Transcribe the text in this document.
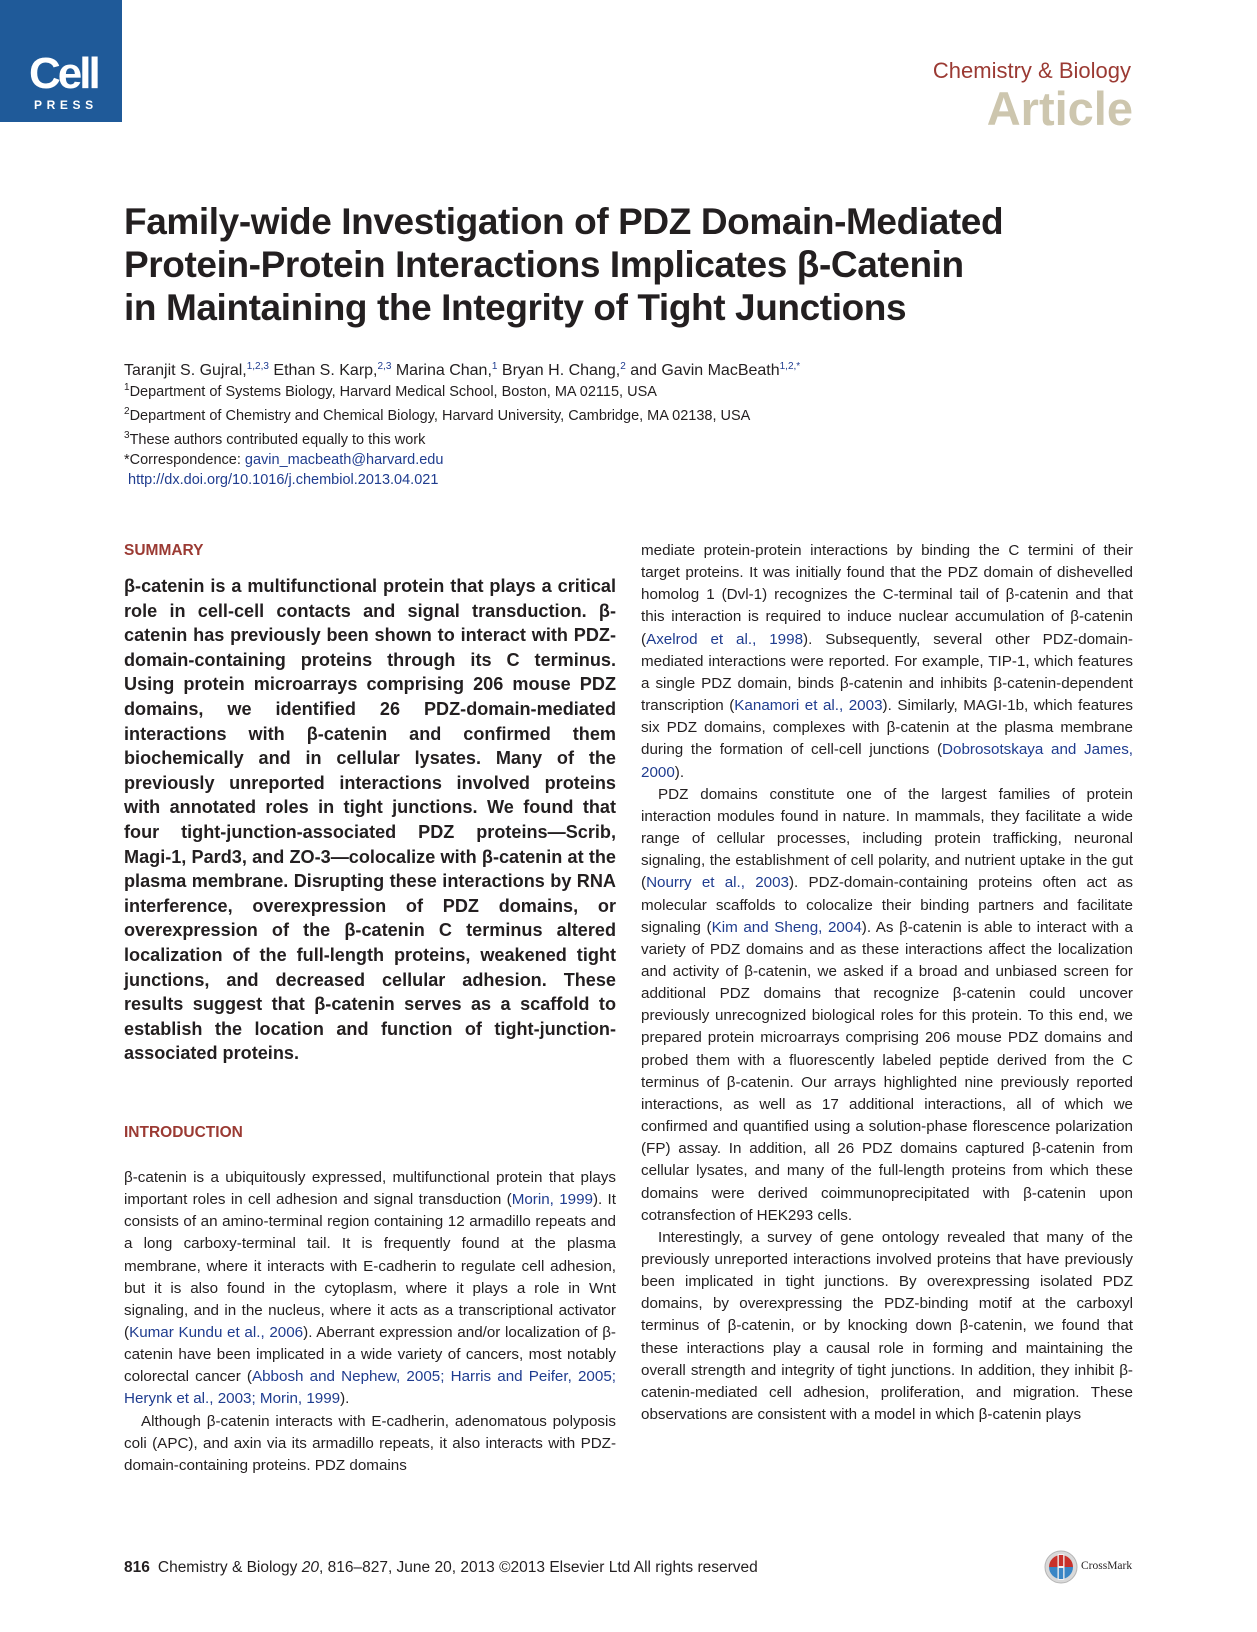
Cell
PRESS
Chemistry & Biology
Article
Family-wide Investigation of PDZ Domain-Mediated
Protein-Protein Interactions Implicates β-Catenin
in Maintaining the Integrity of Tight Junctions
Taranjit S. Gujral,$^{1,2,3}$ Ethan S. Karp,$^{2,3}$ Marina Chan,$^1$ Bryan H. Chang,$^2$ and Gavin MacBeath$^{1,2,*}$
$^1$Department of Systems Biology, Harvard Medical School, Boston, MA 02115, USA
$^2$Department of Chemistry and Chemical Biology, Harvard University, Cambridge, MA 02138, USA
$^3$These authors contributed equally to this work
*Correspondence: gavin_macbeath@harvard.edu
http://dx.doi.org/10.1016/j.chembiol.2013.04.021
SUMMARY

β-catenin is a multifunctional protein that plays a critical role in cell-cell contacts and signal transduction. β-catenin has previously been shown to interact with PDZ-domain-containing proteins through its C terminus. Using protein microarrays comprising 206 mouse PDZ domains, we identified 26 PDZ-domain-mediated interactions with β-catenin and confirmed them biochemically and in cellular lysates. Many of the previously unreported interactions involved proteins with annotated roles in tight junctions. We found that four tight-junction-associated PDZ proteins—Scrib, Magi-1, Pard3, and ZO-3—colocalize with β-catenin at the plasma membrane. Disrupting these interactions by RNA interference, overexpression of PDZ domains, or overexpression of the β-catenin C terminus altered localization of the full-length proteins, weakened tight junctions, and decreased cellular adhesion. These results suggest that β-catenin serves as a scaffold to establish the location and function of tight-junction-associated proteins.

INTRODUCTION

β-catenin is a ubiquitously expressed, multifunctional protein that plays important roles in cell adhesion and signal transduction (Morin, 1999). It consists of an amino-terminal region containing 12 armadillo repeats and a long carboxy-terminal tail. It is frequently found at the plasma membrane, where it interacts with E-cadherin to regulate cell adhesion, but it is also found in the cytoplasm, where it plays a role in Wnt signaling, and in the nucleus, where it acts as a transcriptional activator (Kumar Kundu et al., 2006). Aberrant expression and/or localization of β-catenin have been implicated in a wide variety of cancers, most notably colorectal cancer (Abbosh and Nephew, 2005; Harris and Peifer, 2005; Herynk et al., 2003; Morin, 1999).

Although β-catenin interacts with E-cadherin, adenomatous polyposis coli (APC), and axin via its armadillo repeats, it also interacts with PDZ-domain-containing proteins. PDZ domains

mediate protein-protein interactions by binding the C termini of their target proteins. It was initially found that the PDZ domain of dishevelled homolog 1 (Dvl-1) recognizes the C-terminal tail of β-catenin and that this interaction is required to induce nuclear accumulation of β-catenin (Axelrod et al., 1998). Subsequently, several other PDZ-domain-mediated interactions were reported. For example, TIP-1, which features a single PDZ domain, binds β-catenin and inhibits β-catenin-dependent transcription (Kanamori et al., 2003). Similarly, MAGI-1b, which features six PDZ domains, complexes with β-catenin at the plasma membrane during the formation of cell-cell junctions (Dobrosotskaya and James, 2000).

PDZ domains constitute one of the largest families of protein interaction modules found in nature. In mammals, they facilitate a wide range of cellular processes, including protein trafficking, neuronal signaling, the establishment of cell polarity, and nutrient uptake in the gut (Nourry et al., 2003). PDZ-domain-containing proteins often act as molecular scaffolds to colocalize their binding partners and facilitate signaling (Kim and Sheng, 2004). As β-catenin is able to interact with a variety of PDZ domains and as these interactions affect the localization and activity of β-catenin, we asked if a broad and unbiased screen for additional PDZ domains that recognize β-catenin could uncover previously unrecognized biological roles for this protein. To this end, we prepared protein microarrays comprising 206 mouse PDZ domains and probed them with a fluorescently labeled peptide derived from the C terminus of β-catenin. Our arrays highlighted nine previously reported interactions, as well as 17 additional interactions, all of which we confirmed and quantified using a solution-phase florescence polarization (FP) assay. In addition, all 26 PDZ domains captured β-catenin from cellular lysates, and many of the full-length proteins from which these domains were derived coimmunoprecipitated with β-catenin upon cotransfection of HEK293 cells.

Interestingly, a survey of gene ontology revealed that many of the previously unreported interactions involved proteins that have previously been implicated in tight junctions. By overexpressing isolated PDZ domains, by overexpressing the PDZ-binding motif at the carboxyl terminus of β-catenin, or by knocking down β-catenin, we found that these interactions play a causal role in forming and maintaining the overall strength and integrity of tight junctions. In addition, they inhibit β-catenin-mediated cell adhesion, proliferation, and migration. These observations are consistent with a model in which β-catenin plays

816 Chemistry & Biology 20, 816–827, June 20, 2013 ©2013 Elsevier Ltd All rights reserved	CrossMark
